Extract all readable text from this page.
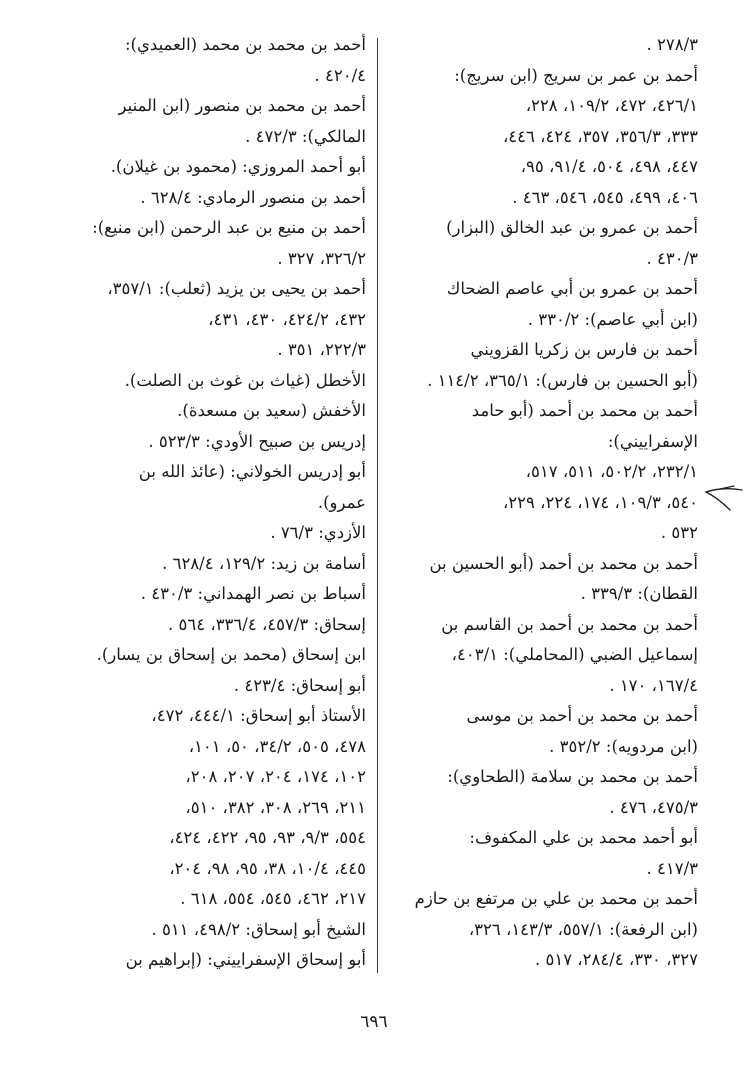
٢٧٨/٣ .
أحمد بن عمر بن سريج (ابن سريج):
٤٢٦/١، ٤٧٢، ١٠٩/٢، ٢٢٨،
٣٣٣، ٣٥٦/٣، ٣٥٧، ٤٢٤، ٤٤٦،
٤٤٧، ٤٩٨، ٥٠٤، ٩١/٤، ٩٥،
٤٠٦، ٤٩٩، ٥٤٥، ٥٤٦، ٤٦٣ .
أحمد بن عمرو بن عبد الخالق (البزار)
٤٣٠/٣ .
أحمد بن عمرو بن أبي عاصم الضحاك
(ابن أبي عاصم): ٣٣٠/٢ .
أحمد بن فارس بن زكريا القزويني
(أبو الحسين بن فارس): ٣٦٥/١، ١١٤/٢ .
أحمد بن محمد بن أحمد (أبو حامد
الإسفراييني):
٢٣٢/١، ٥٠٢/٢، ٥١١، ٥١٧،
٥٤٠، ١٠٩/٣، ١٧٤، ٢٢٤، ٢٢٩،
٥٣٢ .
أحمد بن محمد بن أحمد (أبو الحسين بن
القطان): ٣٣٩/٣ .
أحمد بن محمد بن أحمد بن القاسم بن
إسماعيل الضبي (المحاملي): ٤٠٣/١،
١٦٧/٤، ١٧٠ .
أحمد بن محمد بن أحمد بن موسى
(ابن مردويه): ٣٥٢/٢ .
أحمد بن محمد بن سلامة (الطحاوي):
٤٧٥/٣، ٤٧٦ .
أبو أحمد محمد بن علي المكفوف:
٤١٧/٣ .
أحمد بن محمد بن علي بن مرتفع بن حازم
(ابن الرفعة): ٥٥٧/١، ١٤٣/٣، ٣٢٦،
٣٢٧، ٣٣٠، ٢٨٤/٤، ٥١٧ .
أحمد بن محمد بن محمد (العميدي):
٤٢٠/٤ .
أحمد بن محمد بن منصور (ابن المنير
المالكي): ٤٧٢/٣ .
أبو أحمد المروزي: (محمود بن غيلان).
أحمد بن منصور الرمادي: ٦٢٨/٤ .
أحمد بن منيع بن عبد الرحمن (ابن منيع):
٣٢٦/٢، ٣٢٧ .
أحمد بن يحيى بن يزيد (ثعلب): ٣٥٧/١،
٤٣٢، ٤٢٤/٢، ٤٣٠، ٤٣١،
٢٢٢/٣، ٣٥١ .
الأخطل (غياث بن غوث بن الصلت).
الأخفش (سعيد بن مسعدة).
إدريس بن صبيح الأودي: ٥٢٣/٣ .
أبو إدريس الخولاني: (عائذ الله بن
عمرو).
الأزدي: ٧٦/٣ .
أسامة بن زيد: ١٢٩/٢، ٦٢٨/٤ .
أسباط بن نصر الهمداني: ٤٣٠/٣ .
إسحاق: ٤٥٧/٣، ٣٣٦/٤، ٥٦٤ .
ابن إسحاق (محمد بن إسحاق بن يسار).
أبو إسحاق: ٤٢٣/٤ .
الأستاذ أبو إسحاق: ٤٤٤/١، ٤٧٢،
٤٧٨، ٥٠٥، ٣٤/٢، ٥٠، ١٠١،
١٠٢، ١٧٤، ٢٠٤، ٢٠٧، ٢٠٨،
٢١١، ٢٦٩، ٣٠٨، ٣٨٢، ٥١٠،
٥٥٤، ٩/٣، ٩٣، ٩٥، ٤٢٢، ٤٢٤،
٤٤٥، ١٠/٤، ٣٨، ٩٥، ٩٨، ٢٠٤،
٢١٧، ٤٦٢، ٥٤٥، ٥٥٤، ٦١٨ .
الشيخ أبو إسحاق: ٤٩٨/٢، ٥١١ .
أبو إسحاق الإسفراييني: (إبراهيم بن
٦٩٦
